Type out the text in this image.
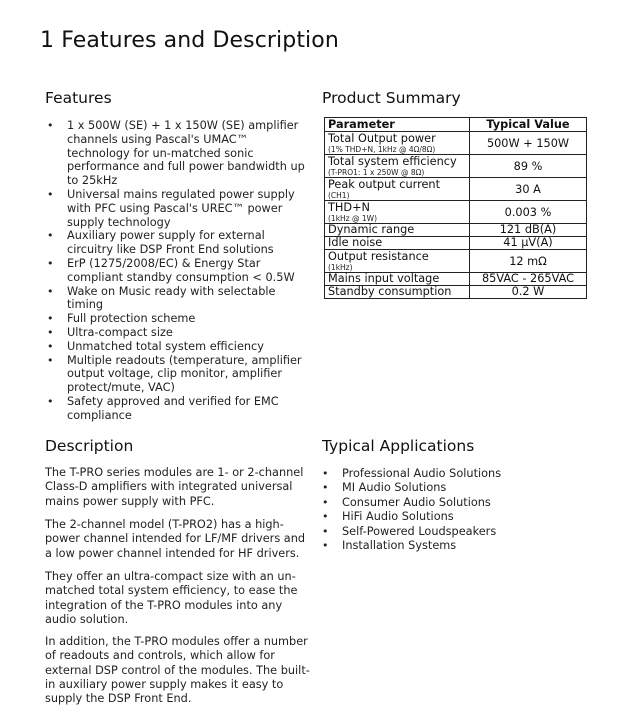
1 Features and Description
Features
• 1 x 500W (SE) + 1 x 150W (SE) amplifier channels using Pascal's UMAC™ technology for un-matched sonic performance and full power bandwidth up to 25kHz
• Universal mains regulated power supply with PFC using Pascal's UREC™ power supply technology
• Auxiliary power supply for external circuitry like DSP Front End solutions
• ErP (1275/2008/EC) & Energy Star compliant standby consumption < 0.5W
• Wake on Music ready with selectable timing
• Full protection scheme
• Ultra-compact size
• Unmatched total system efficiency
• Multiple readouts (temperature, amplifier output voltage, clip monitor, amplifier protect/mute, VAC)
• Safety approved and verified for EMC compliance
Product Summary
Parameter	Typical Value

Total Output power
(1% THD+N, 1kHz @ 4Ω/8Ω)	500W + 150W

Total system efficiency
(T-PRO1: 1 x 250W @ 8Ω)	89 %

Peak output current
(CH1)	30 A

THD+N
(1kHz @ 1W)	0.003 %
Dynamic range	121 dB(A)
Idle noise	41 µV(A)

Output resistance
(1kHz)	12 mΩ
Mains input voltage	85VAC - 265VAC
Standby consumption	0.2 W
Description

The T-PRO series modules are 1- or 2-channel Class-D amplifiers with integrated universal mains power supply with PFC.

The 2-channel model (T-PRO2) has a high-power channel intended for LF/MF drivers and a low power channel intended for HF drivers.

They offer an ultra-compact size with an un-matched total system efficiency, to ease the integration of the T-PRO modules into any audio solution.

In addition, the T-PRO modules offer a number of readouts and controls, which allow for external DSP control of the modules. The built-in auxiliary power supply makes it easy to supply the DSP Front End.

Typical Applications
• Professional Audio Solutions
• MI Audio Solutions
• Consumer Audio Solutions
• HiFi Audio Solutions
• Self-Powered Loudspeakers
• Installation Systems
